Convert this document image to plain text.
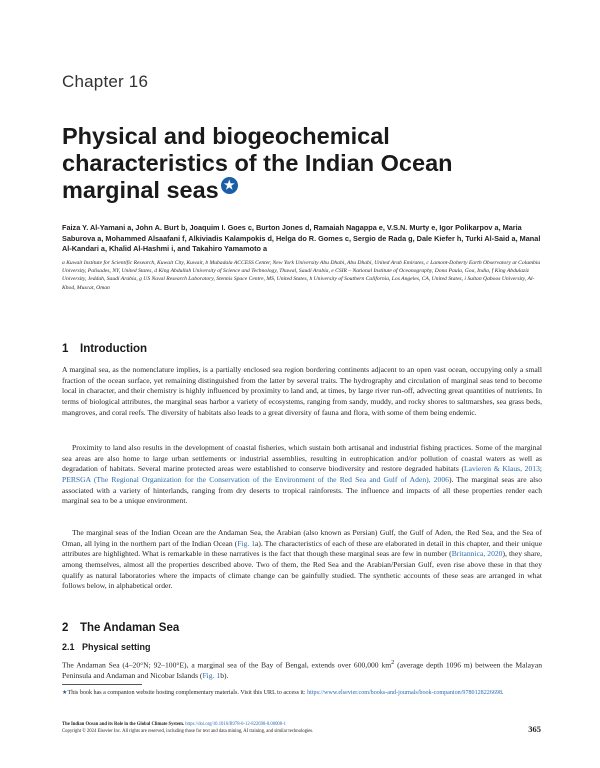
Chapter 16
Physical and biogeochemical characteristics of the Indian Ocean marginal seas ★
Faiza Y. Al-Yamani a, John A. Burt b, Joaquim I. Goes c, Burton Jones d, Ramaiah Nagappa e, V.S.N. Murty e, Igor Polikarpov a, Maria Saburova a, Mohammed Alsaafani f, Alkiviadis Kalampokis d, Helga do R. Gomes c, Sergio de Rada g, Dale Kiefer h, Turki Al-Said a, Manal Al-Kandari a, Khalid Al-Hashmi i, and Takahiro Yamamoto a
a Kuwait Institute for Scientific Research, Kuwait City, Kuwait, b Mubadala ACCESS Center, New York University Abu Dhabi, Abu Dhabi, United Arab Emirates, c Lamont-Doherty Earth Observatory at Columbia University, Palisades, NY, United States, d King Abdullah University of Science and Technology, Thuwal, Saudi Arabia, e CSIR – National Institute of Oceanography, Dona Paula, Goa, India, f King Abdulaziz University, Jeddah, Saudi Arabia, g US Naval Research Laboratory, Stennis Space Centre, MS, United States, h University of Southern California, Los Angeles, CA, United States, i Sultan Qaboos University, Al-Khod, Muscat, Oman
1 Introduction

A marginal sea, as the nomenclature implies, is a partially enclosed sea region bordering continents adjacent to an open vast ocean, occupying only a small fraction of the ocean surface, yet remaining distinguished from the latter by several traits. The hydrography and circulation of marginal seas tend to become local in character, and their chemistry is highly influenced by proximity to land and, at times, by large river run-off, advecting great quantities of nutrients. In terms of biological attributes, the marginal seas harbor a variety of ecosystems, ranging from sandy, muddy, and rocky shores to saltmarshes, sea grass beds, mangroves, and coral reefs. The diversity of habitats also leads to a great diversity of fauna and flora, with some of them being endemic.

Proximity to land also results in the development of coastal fisheries, which sustain both artisanal and industrial fishing practices. Some of the marginal sea areas are also home to large urban settlements or industrial assemblies, resulting in eutrophication and/or pollution of coastal waters as well as degradation of habitats. Several marine protected areas were established to conserve biodiversity and restore degraded habitats (Lavieren & Klaus, 2013; PERSGA (The Regional Organization for the Conservation of the Environment of the Red Sea and Gulf of Aden), 2006). The marginal seas are also associated with a variety of hinterlands, ranging from dry deserts to tropical rainforests. The influence and impacts of all these properties render each marginal sea to be a unique environment.

The marginal seas of the Indian Ocean are the Andaman Sea, the Arabian (also known as Persian) Gulf, the Gulf of Aden, the Red Sea, and the Sea of Oman, all lying in the northern part of the Indian Ocean (Fig. 1a). The characteristics of each of these are elaborated in detail in this chapter, and their unique attributes are highlighted. What is remarkable in these narratives is the fact that though these marginal seas are few in number (Britannica, 2020), they share, among themselves, almost all the properties described above. Two of them, the Red Sea and the Arabian/Persian Gulf, even rise above these in that they qualify as natural laboratories where the impacts of climate change can be gainfully studied. The synthetic accounts of these seas are arranged in what follows below, in alphabetical order.

2 The Andaman Sea
2.1 Physical setting

The Andaman Sea (4–20°N; 92–100°E), a marginal sea of the Bay of Bengal, extends over 600,000 $km^2$ (average depth 1096 m) between the Malayan Peninsula and Andaman and Nicobar Islands (Fig. 1b).

★This book has a companion website hosting complementary materials. Visit this URL to access it: https://www.elsevier.com/books-and-journals/book-companion/9780128226698.

The Indian Ocean and its Role in the Global Climate System. https://doi.org/10.1016/B978-0-12-822698-8.00008-1
Copyright © 2024 Elsevier Inc. All rights are reserved, including those for text and data mining, AI training, and similar technologies.	365
